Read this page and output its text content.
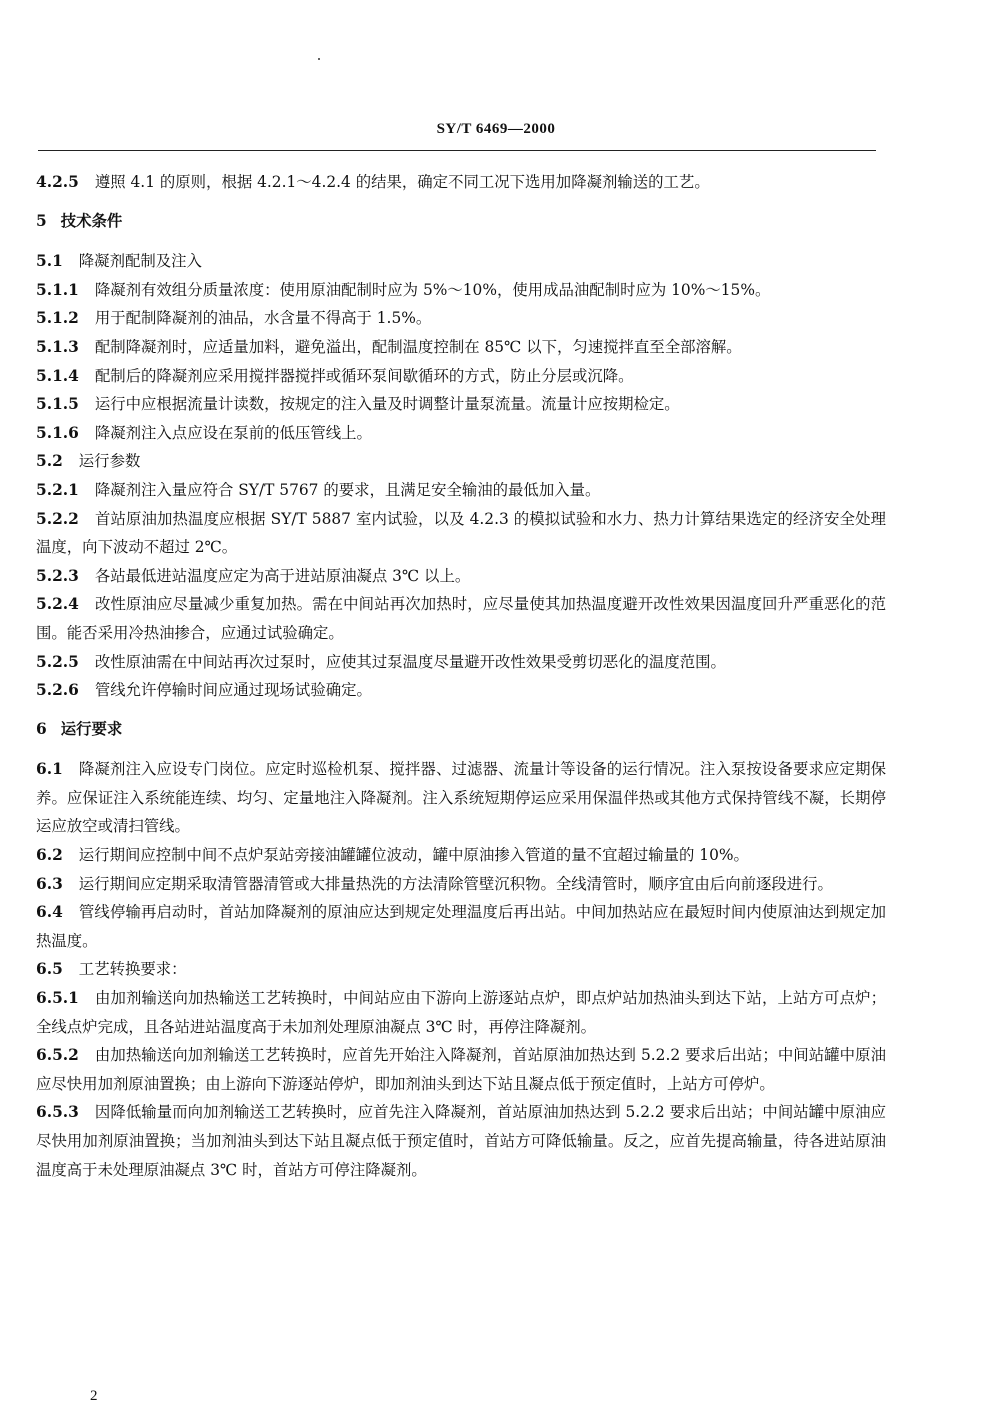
SY/T 6469—2000

4.2.5 遵照 4.1 的原则，根据 4.2.1～4.2.4 的结果，确定不同工况下选用加降凝剂输送的工艺。

5 技术条件

5.1 降凝剂配制及注入

5.1.1 降凝剂有效组分质量浓度：使用原油配制时应为 5%～10%，使用成品油配制时应为 10%～15%。

5.1.2 用于配制降凝剂的油品，水含量不得高于 1.5%。

5.1.3 配制降凝剂时，应适量加料，避免溢出，配制温度控制在 85℃ 以下，匀速搅拌直至全部溶解。

5.1.4 配制后的降凝剂应采用搅拌器搅拌或循环泵间歇循环的方式，防止分层或沉降。

5.1.5 运行中应根据流量计读数，按规定的注入量及时调整计量泵流量。流量计应按期检定。

5.1.6 降凝剂注入点应设在泵前的低压管线上。

5.2 运行参数

5.2.1 降凝剂注入量应符合 SY/T 5767 的要求，且满足安全输油的最低加入量。

5.2.2 首站原油加热温度应根据 SY/T 5887 室内试验，以及 4.2.3 的模拟试验和水力、热力计算结果选定的经济安全处理温度，向下波动不超过 2℃。

5.2.3 各站最低进站温度应定为高于进站原油凝点 3℃ 以上。

5.2.4 改性原油应尽量减少重复加热。需在中间站再次加热时，应尽量使其加热温度避开改性效果因温度回升严重恶化的范围。能否采用冷热油掺合，应通过试验确定。

5.2.5 改性原油需在中间站再次过泵时，应使其过泵温度尽量避开改性效果受剪切恶化的温度范围。

5.2.6 管线允许停输时间应通过现场试验确定。

6 运行要求

6.1 降凝剂注入应设专门岗位。应定时巡检机泵、搅拌器、过滤器、流量计等设备的运行情况。注入泵按设备要求应定期保养。应保证注入系统能连续、均匀、定量地注入降凝剂。注入系统短期停运应采用保温伴热或其他方式保持管线不凝，长期停运应放空或清扫管线。

6.2 运行期间应控制中间不点炉泵站旁接油罐罐位波动，罐中原油掺入管道的量不宜超过输量的 10%。

6.3 运行期间应定期采取清管器清管或大排量热洗的方法清除管壁沉积物。全线清管时，顺序宜由后向前逐段进行。

6.4 管线停输再启动时，首站加降凝剂的原油应达到规定处理温度后再出站。中间加热站应在最短时间内使原油达到规定加热温度。

6.5 工艺转换要求：

6.5.1 由加剂输送向加热输送工艺转换时，中间站应由下游向上游逐站点炉，即点炉站加热油头到达下站，上站方可点炉；全线点炉完成，且各站进站温度高于未加剂处理原油凝点 3℃ 时，再停注降凝剂。

6.5.2 由加热输送向加剂输送工艺转换时，应首先开始注入降凝剂，首站原油加热达到 5.2.2 要求后出站；中间站罐中原油应尽快用加剂原油置换；由上游向下游逐站停炉，即加剂油头到达下站且凝点低于预定值时，上站方可停炉。

6.5.3 因降低输量而向加剂输送工艺转换时，应首先注入降凝剂，首站原油加热达到 5.2.2 要求后出站；中间站罐中原油应尽快用加剂原油置换；当加剂油头到达下站且凝点低于预定值时，首站方可降低输量。反之，应首先提高输量，待各进站原油温度高于未处理原油凝点 3℃ 时，首站方可停注降凝剂。

2
